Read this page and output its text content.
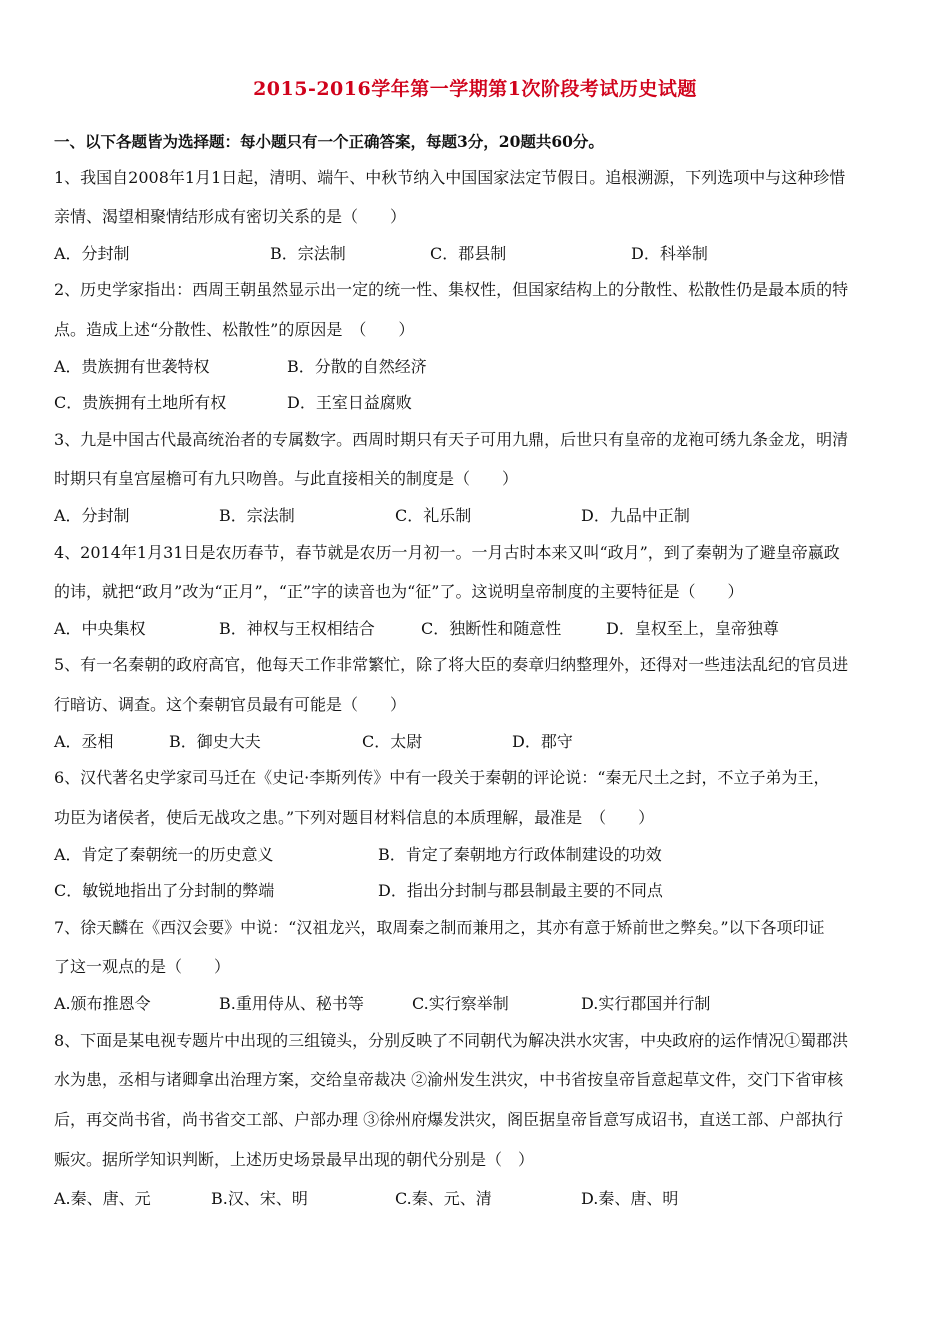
2015-2016学年第一学期第1次阶段考试历史试题
一、以下各题皆为选择题：每小题只有一个正确答案，每题3分，20题共60分。
1、我国自2008年1月1日起，清明、端午、中秋节纳入中国国家法定节假日。追根溯源，下列选项中与这种珍惜
亲情、渴望相聚情结形成有密切关系的是（　　）
A．分封制	B．宗法制	C．郡县制	D．科举制
2、历史学家指出：西周王朝虽然显示出一定的统一性、集权性，但国家结构上的分散性、松散性仍是最本质的特
点。造成上述“分散性、松散性”的原因是　（　　）
A．贵族拥有世袭特权	B．分散的自然经济
C．贵族拥有土地所有权	D．王室日益腐败
3、九是中国古代最高统治者的专属数字。西周时期只有天子可用九鼎，后世只有皇帝的龙袍可绣九条金龙，明清
时期只有皇宫屋檐可有九只吻兽。与此直接相关的制度是（　　）
A．分封制	B．宗法制	C．礼乐制	D．九品中正制
4、2014年1月31日是农历春节，春节就是农历一月初一。一月古时本来又叫“政月”，到了秦朝为了避皇帝嬴政
的讳，就把“政月”改为“正月”，“正”字的读音也为“征”了。这说明皇帝制度的主要特征是（　　）
A．中央集权	B．神权与王权相结合	C．独断性和随意性	D．皇权至上，皇帝独尊
5、有一名秦朝的政府高官，他每天工作非常繁忙，除了将大臣的奏章归纳整理外，还得对一些违法乱纪的官员进
行暗访、调查。这个秦朝官员最有可能是（　　）
A．丞相	B．御史大夫	C．太尉	D．郡守
6、汉代著名史学家司马迁在《史记·李斯列传》中有一段关于秦朝的评论说：“秦无尺土之封，不立子弟为王，
功臣为诸侯者，使后无战攻之患。”下列对题目材料信息的本质理解，最准是　（　　）
A．肯定了秦朝统一的历史意义	B．肯定了秦朝地方行政体制建设的功效
C．敏锐地指出了分封制的弊端	D．指出分封制与郡县制最主要的不同点
7、徐天麟在《西汉会要》中说：“汉祖龙兴，取周秦之制而兼用之，其亦有意于矫前世之弊矣。”以下各项印证
了这一观点的是（　　）
A.颁布推恩令	B.重用侍从、秘书等	C.实行察举制	D.实行郡国并行制
8、下面是某电视专题片中出现的三组镜头，分别反映了不同朝代为解决洪水灾害，中央政府的运作情况①蜀郡洪
水为患，丞相与诸卿拿出治理方案，交给皇帝裁决 ②渝州发生洪灾，中书省按皇帝旨意起草文件，交门下省审核
后，再交尚书省，尚书省交工部、户部办理 ③徐州府爆发洪灾，阁臣据皇帝旨意写成诏书，直送工部、户部执行
赈灾。据所学知识判断，上述历史场景最早出现的朝代分别是（　）
A.秦、唐、元	B.汉、宋、明	C.秦、元、清	D.秦、唐、明
